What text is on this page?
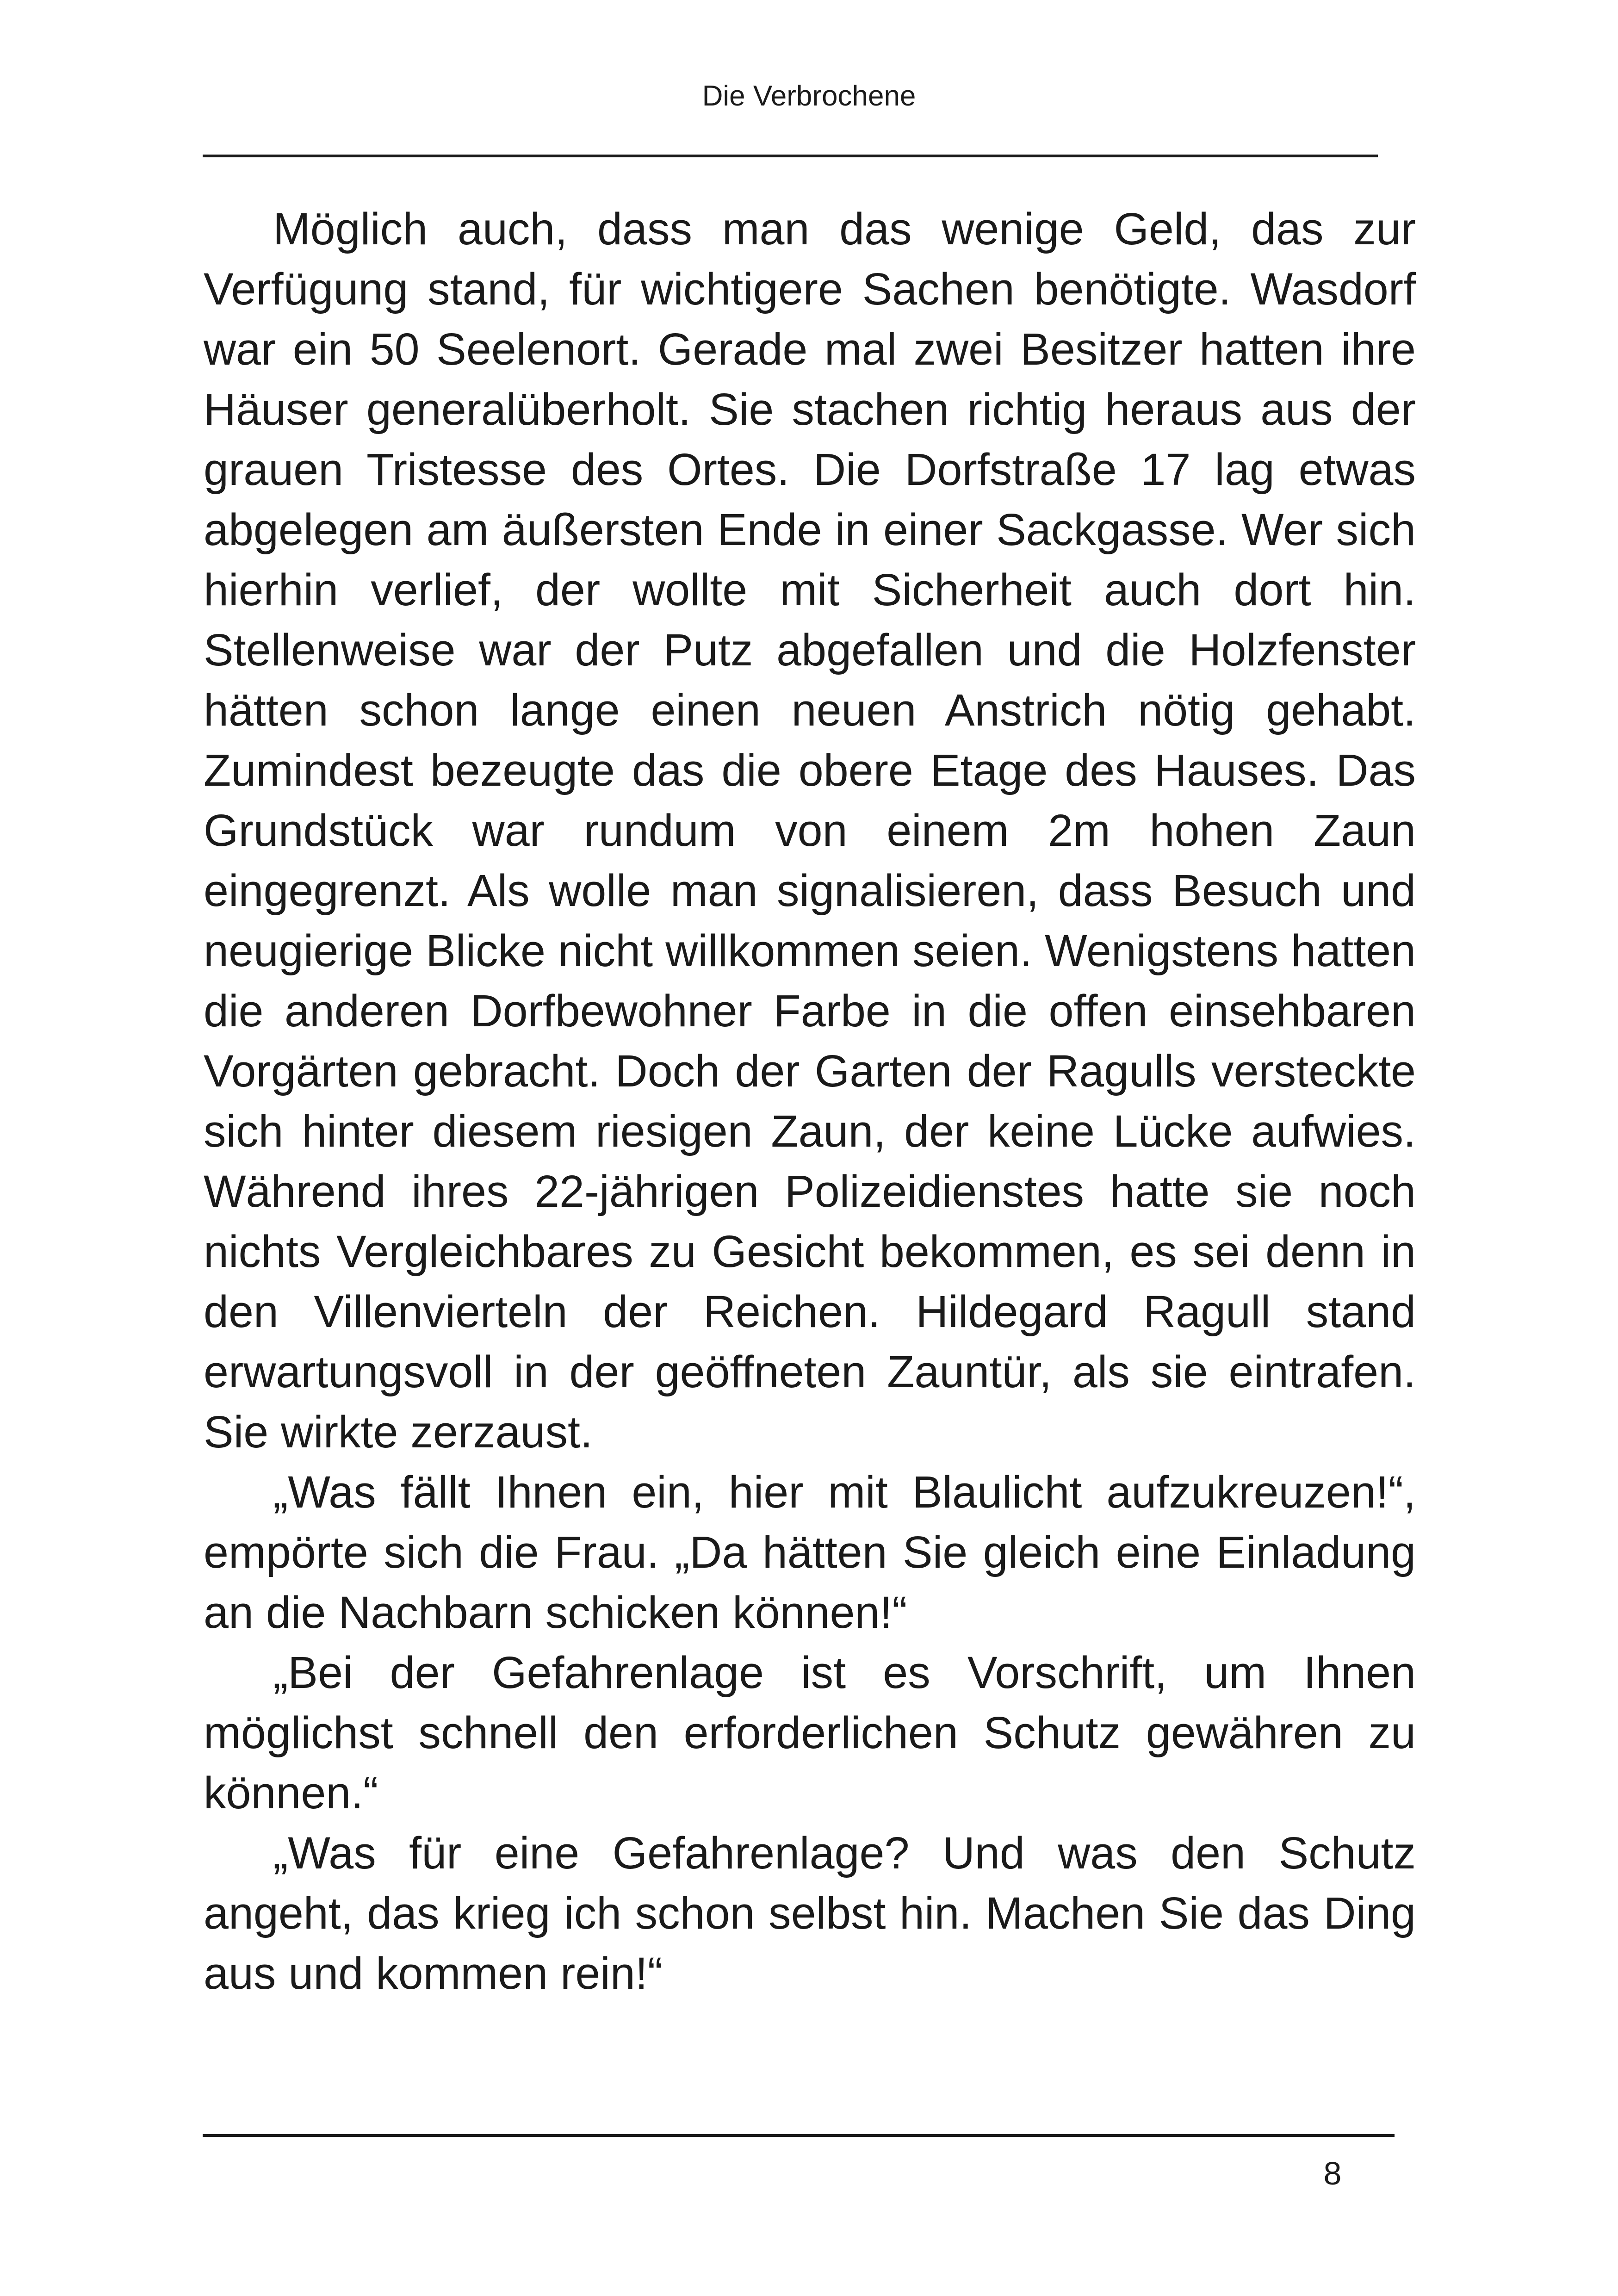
Die Verbrochene

Möglich auch, dass man das wenige Geld, das zur Verfügung stand, für wichtigere Sachen benötigte. Wasdorf war ein 50 Seelenort. Gerade mal zwei Besitzer hatten ihre Häuser generalüberholt. Sie stachen richtig heraus aus der grauen Tristesse des Ortes. Die Dorfstraße 17 lag etwas abgelegen am äußersten Ende in einer Sackgasse. Wer sich hierhin verlief, der wollte mit Sicherheit auch dort hin. Stellenweise war der Putz abgefallen und die Holzfenster hätten schon lange einen neuen Anstrich nötig gehabt. Zumindest bezeugte das die obere Etage des Hauses. Das Grundstück war rundum von einem 2m hohen Zaun eingegrenzt. Als wolle man signalisieren, dass Besuch und neugierige Blicke nicht willkommen seien. Wenigstens hatten die anderen Dorfbewohner Farbe in die offen einsehbaren Vorgärten gebracht. Doch der Garten der Ragulls versteckte sich hinter diesem riesigen Zaun, der keine Lücke aufwies. Während ihres 22-jährigen Polizeidienstes hatte sie noch nichts Vergleichbares zu Gesicht bekommen, es sei denn in den Villenvierteln der Reichen. Hildegard Ragull stand erwartungsvoll in der geöffneten Zauntür, als sie eintrafen. Sie wirkte zerzaust.

„Was fällt Ihnen ein, hier mit Blaulicht aufzukreuzen!“, empörte sich die Frau. „Da hätten Sie gleich eine Einladung an die Nachbarn schicken können!“

„Bei der Gefahrenlage ist es Vorschrift, um Ihnen möglichst schnell den erforderlichen Schutz gewähren zu können.“

„Was für eine Gefahrenlage? Und was den Schutz angeht, das krieg ich schon selbst hin. Machen Sie das Ding aus und kommen rein!“

8
